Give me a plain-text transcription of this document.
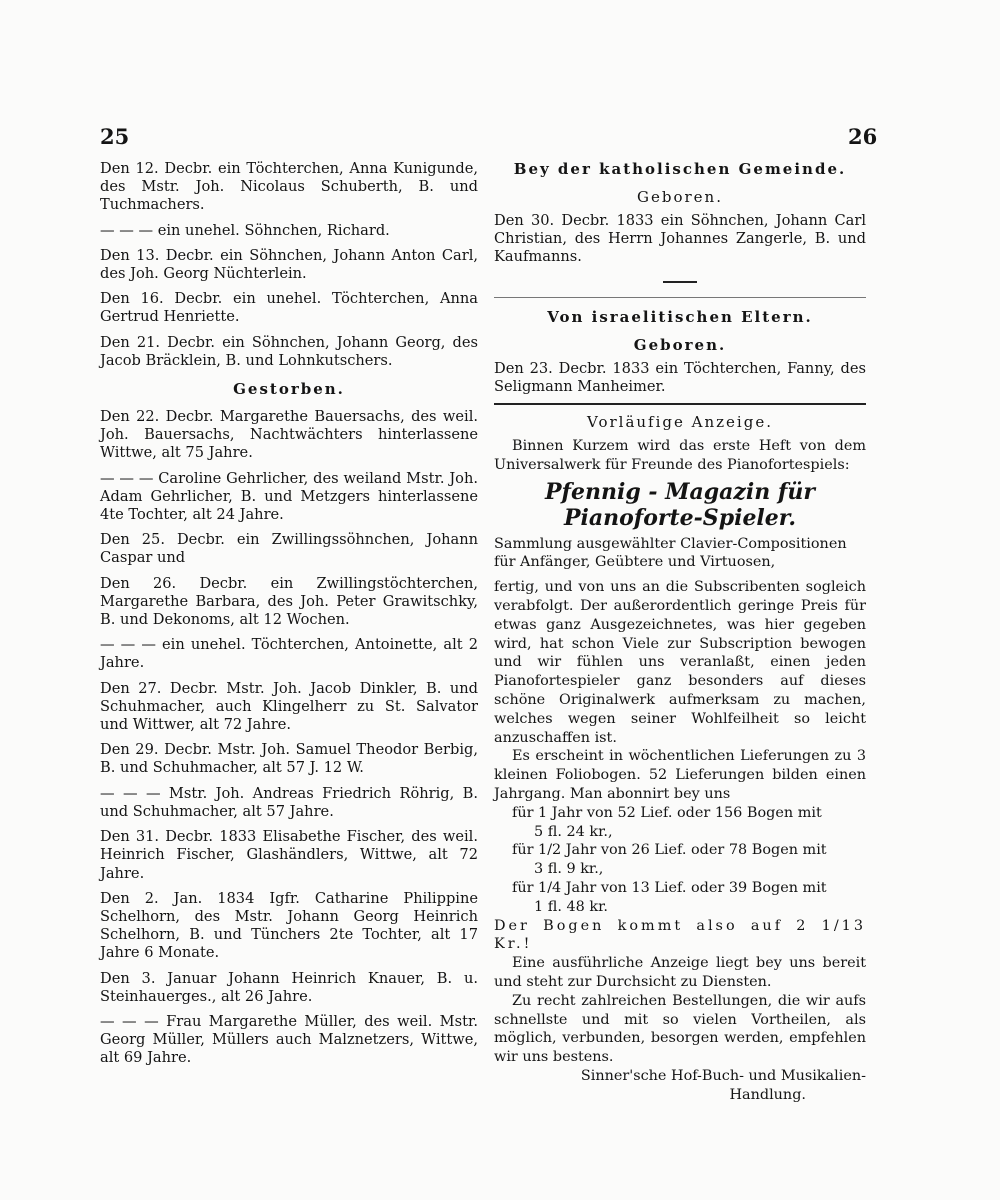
25	26

Den 12. Decbr. ein Töchterchen, Anna Kunigunde, des Mstr. Joh. Nicolaus Schuberth, B. und Tuchmachers.

— — — ein unehel. Söhnchen, Richard.

Den 13. Decbr. ein Söhnchen, Johann Anton Carl, des Joh. Georg Nüchterlein.

Den 16. Decbr. ein unehel. Töchterchen, Anna Gertrud Henriette.

Den 21. Decbr. ein Söhnchen, Johann Georg, des Jacob Bräcklein, B. und Lohnkutschers.

Gestorben.

Den 22. Decbr. Margarethe Bauersachs, des weil. Joh. Bauersachs, Nachtwächters hinterlassene Wittwe, alt 75 Jahre.

— — — Caroline Gehrlicher, des weiland Mstr. Joh. Adam Gehrlicher, B. und Metzgers hinterlassene 4te Tochter, alt 24 Jahre.

Den 25. Decbr. ein Zwillingssöhnchen, Johann Caspar und

Den 26. Decbr. ein Zwillingstöchterchen, Margarethe Barbara, des Joh. Peter Grawitschky, B. und Dekonoms, alt 12 Wochen.

— — — ein unehel. Töchterchen, Antoinette, alt 2 Jahre.

Den 27. Decbr. Mstr. Joh. Jacob Dinkler, B. und Schuhmacher, auch Klingelherr zu St. Salvator und Wittwer, alt 72 Jahre.

Den 29. Decbr. Mstr. Joh. Samuel Theodor Berbig, B. und Schuhmacher, alt 57 J. 12 W.

— — — Mstr. Joh. Andreas Friedrich Röhrig, B. und Schuhmacher, alt 57 Jahre.

Den 31. Decbr. 1833 Elisabethe Fischer, des weil. Heinrich Fischer, Glashändlers, Wittwe, alt 72 Jahre.

Den 2. Jan. 1834 Igfr. Catharine Philippine Schelhorn, des Mstr. Johann Georg Heinrich Schelhorn, B. und Tünchers 2te Tochter, alt 17 Jahre 6 Monate.

Den 3. Januar Johann Heinrich Knauer, B. u. Steinhauerges., alt 26 Jahre.

— — — Frau Margarethe Müller, des weil. Mstr. Georg Müller, Müllers auch Malznetzers, Wittwe, alt 69 Jahre.

Bey der katholischen Gemeinde.
Geboren.

Den 30. Decbr. 1833 ein Söhnchen, Johann Carl Christian, des Herrn Johannes Zangerle, B. und Kaufmanns.

Von israelitischen Eltern.
Geboren.

Den 23. Decbr. 1833 ein Töchterchen, Fanny, des Seligmann Manheimer.

Vorläufige Anzeige.

Binnen Kurzem wird das erste Heft von dem Universalwerk für Freunde des Pianofortespiels:

Pfennig - Magazin für Pianoforte-Spieler.

Sammlung ausgewählter Clavier-Compositionen

für Anfänger, Geübtere und Virtuosen,

fertig, und von uns an die Subscribenten sogleich verabfolgt. Der außerordentlich geringe Preis für etwas ganz Ausgezeichnetes, was hier gegeben wird, hat schon Viele zur Subscription bewogen und wir fühlen uns veranlaßt, einen jeden Pianofortespieler ganz besonders auf dieses schöne Originalwerk aufmerksam zu machen, welches wegen seiner Wohlfeilheit so leicht anzuschaffen ist.

Es erscheint in wöchentlichen Lieferungen zu 3 kleinen Foliobogen. 52 Lieferungen bilden einen Jahrgang. Man abonnirt bey uns

für 1 Jahr von 52 Lief. oder 156 Bogen mit

5 fl. 24 kr.,

für 1/2 Jahr von 26 Lief. oder 78 Bogen mit

3 fl. 9 kr.,

für 1/4 Jahr von 13 Lief. oder 39 Bogen mit

1 fl. 48 kr.

Der Bogen kommt also auf 2 1/13 Kr.!

Eine ausführliche Anzeige liegt bey uns bereit und steht zur Durchsicht zu Diensten.

Zu recht zahlreichen Bestellungen, die wir aufs schnellste und mit so vielen Vortheilen, als möglich, verbunden, besorgen werden, empfehlen wir uns bestens.

Sinner'sche Hof-Buch- und Musikalien-

Handlung.
